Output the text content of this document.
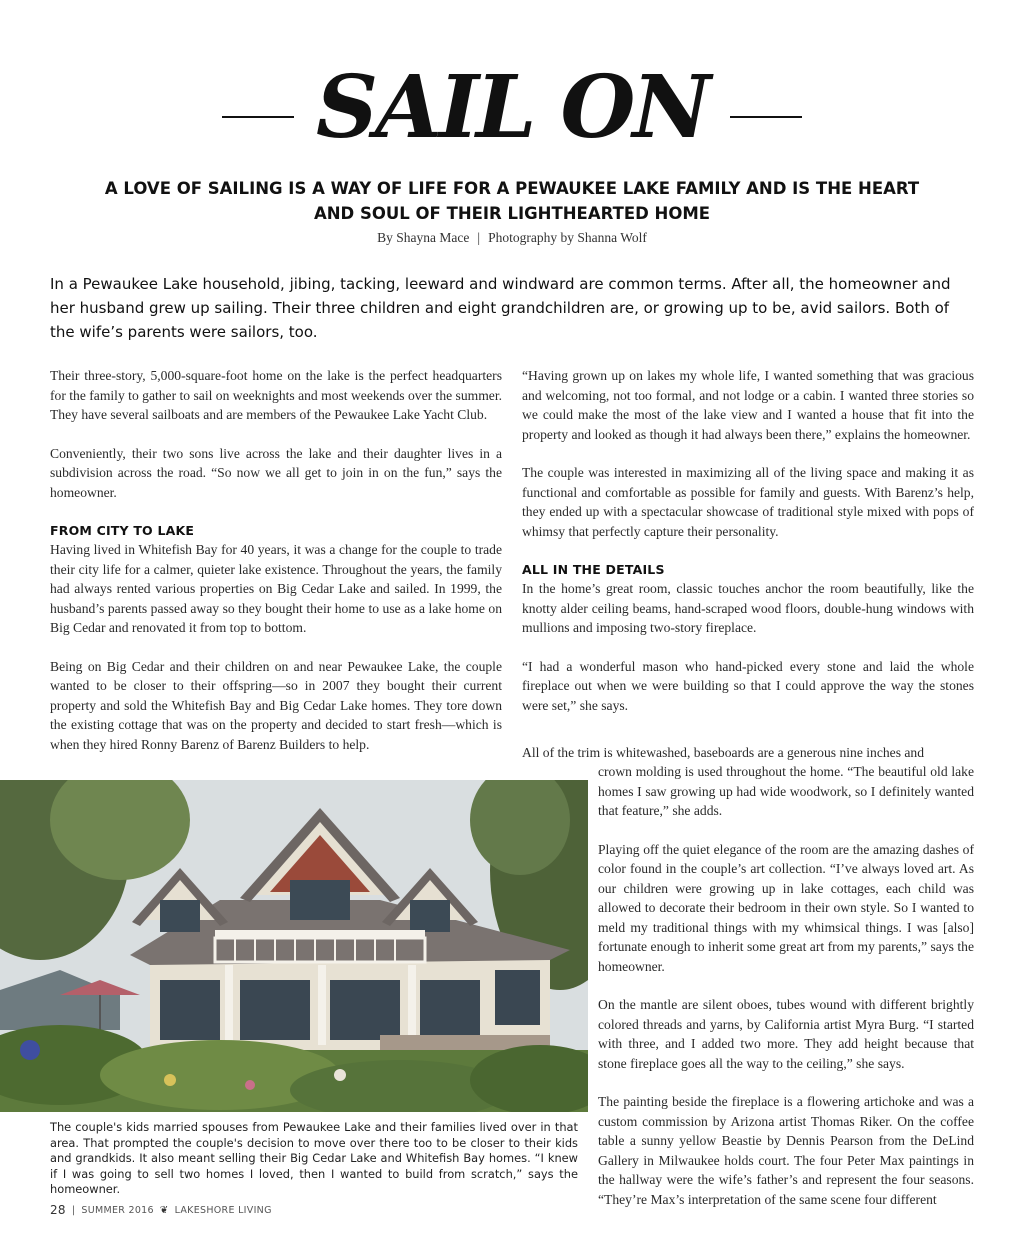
SAIL ON
A LOVE OF SAILING IS A WAY OF LIFE FOR A PEWAUKEE LAKE FAMILY AND IS THE HEART AND SOUL OF THEIR LIGHTHEARTED HOME
By Shayna Mace | Photography by Shanna Wolf

In a Pewaukee Lake household, jibing, tacking, leeward and windward are common terms. After all, the homeowner and her husband grew up sailing. Their three children and eight grandchildren are, or growing up to be, avid sailors. Both of the wife’s parents were sailors, too.

Their three-story, 5,000-square-foot home on the lake is the perfect headquarters for the family to gather to sail on weeknights and most weekends over the summer. They have several sailboats and are members of the Pewaukee Lake Yacht Club.

Conveniently, their two sons live across the lake and their daughter lives in a subdivision across the road. “So now we all get to join in on the fun,” says the homeowner.

FROM CITY TO LAKE

Having lived in Whitefish Bay for 40 years, it was a change for the couple to trade their city life for a calmer, quieter lake existence. Throughout the years, the family had always rented various properties on Big Cedar Lake and sailed. In 1999, the husband’s parents passed away so they bought their home to use as a lake home on Big Cedar and renovated it from top to bottom.

Being on Big Cedar and their children on and near Pewaukee Lake, the couple wanted to be closer to their offspring—so in 2007 they bought their current property and sold the Whitefish Bay and Big Cedar Lake homes. They tore down the existing cottage that was on the property and decided to start fresh—which is when they hired Ronny Barenz of Barenz Builders to help.

“Having grown up on lakes my whole life, I wanted something that was gracious and welcoming, not too formal, and not lodge or a cabin. I wanted three stories so we could make the most of the lake view and I wanted a house that fit into the property and looked as though it had always been there,” explains the homeowner.

The couple was interested in maximizing all of the living space and making it as functional and comfortable as possible for family and guests. With Barenz’s help, they ended up with a spectacular showcase of traditional style mixed with pops of whimsy that perfectly capture their personality.

ALL IN THE DETAILS

In the home’s great room, classic touches anchor the room beautifully, like the knotty alder ceiling beams, hand-scraped wood floors, double-hung windows with mullions and imposing two-story fireplace.

“I had a wonderful mason who hand-picked every stone and laid the whole fireplace out when we were building so that I could approve the way the stones were set,” she says.

All of the trim is whitewashed, baseboards are a generous nine inches and

crown molding is used throughout the home. “The beautiful old lake homes I saw growing up had wide woodwork, so I definitely wanted that feature,” she adds.

Playing off the quiet elegance of the room are the amazing dashes of color found in the couple’s art collection. “I’ve always loved art. As our children were growing up in lake cottages, each child was allowed to decorate their bedroom in their own style. So I wanted to meld my traditional things with my whimsical things. I was [also] fortunate enough to inherit some great art from my parents,” says the homeowner.

On the mantle are silent oboes, tubes wound with different brightly colored threads and yarns, by California artist Myra Burg. “I started with three, and I added two more. They add height because that stone fireplace goes all the way to the ceiling,” she says.

The painting beside the fireplace is a flowering artichoke and was a custom commission by Arizona artist Thomas Riker. On the coffee table a sunny yellow Beastie by Dennis Pearson from the DeLind Gallery in Milwaukee holds court. The four Peter Max paintings in the hallway were the wife’s father’s and represent the four seasons. “They’re Max’s interpretation of the same scene four different

The couple's kids married spouses from Pewaukee Lake and their families lived over in that area. That prompted the couple's decision to move over there too to be closer to their kids and grandkids. It also meant selling their Big Cedar Lake and Whitefish Bay homes. “I knew if I was going to sell two homes I loved, then I wanted to build from scratch,” says the homeowner.

28 | SUMMER 2016 ❦ LAKESHORE LIVING
